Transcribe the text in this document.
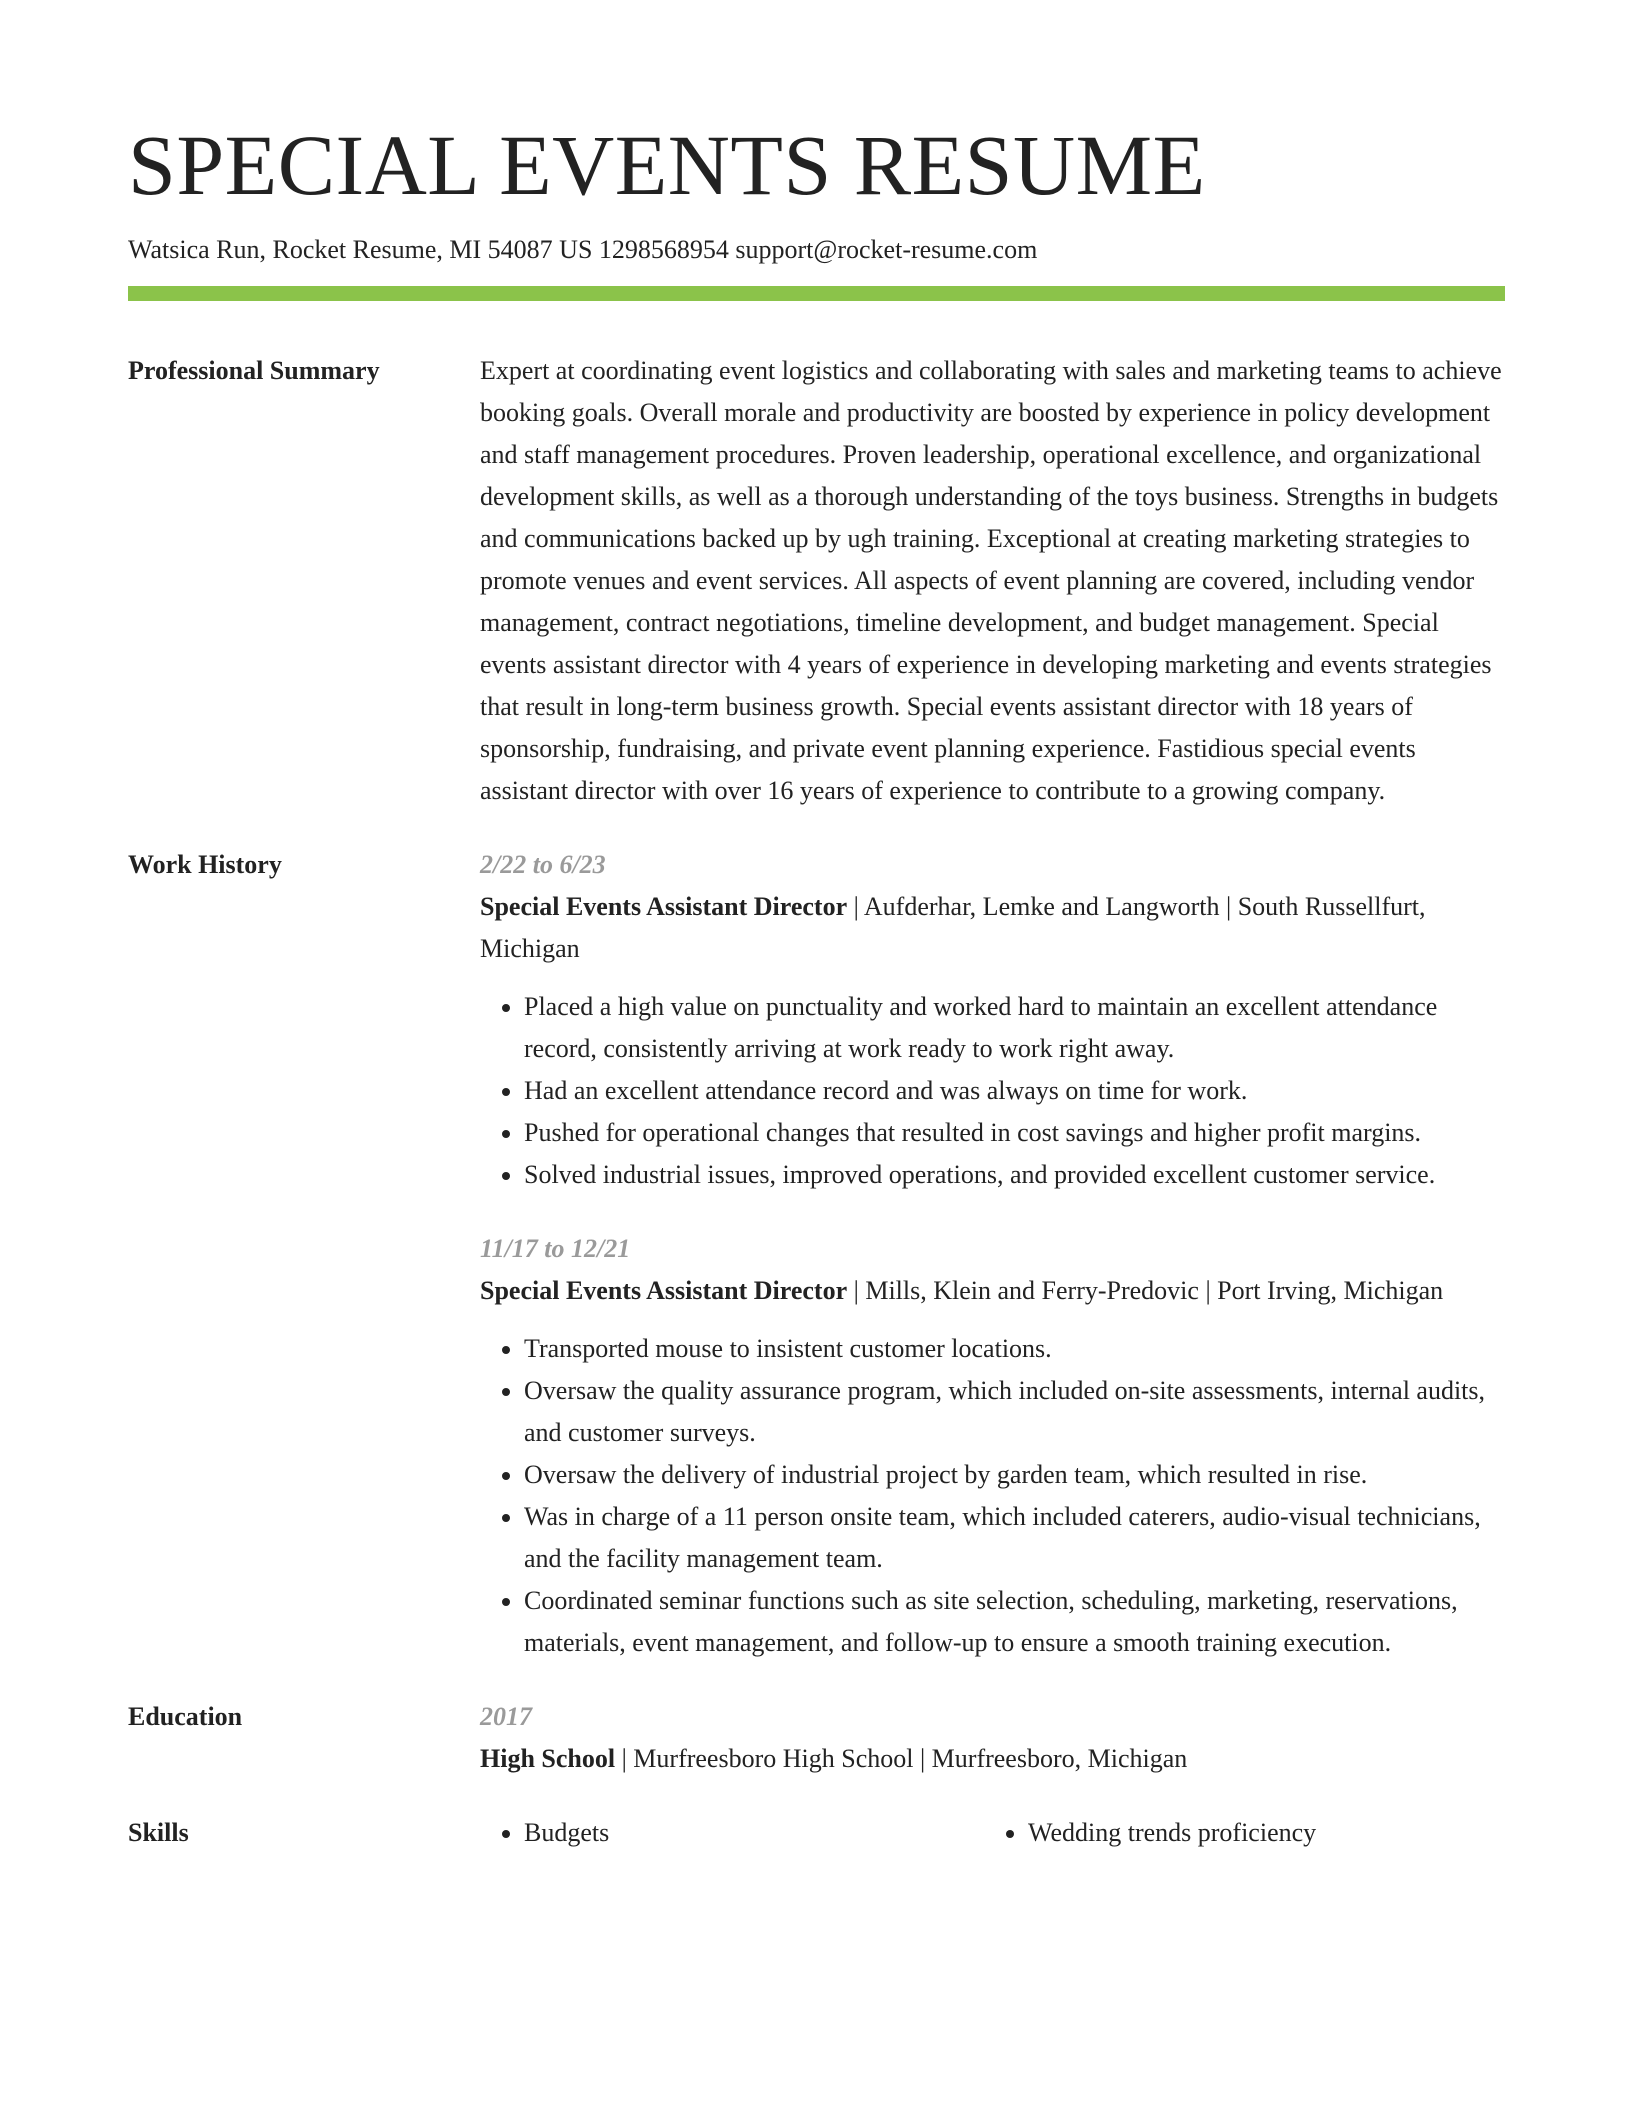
SPECIAL EVENTS RESUME
Watsica Run, Rocket Resume, MI 54087 US 1298568954 support@rocket-resume.com
Professional Summary	Expert at coordinating event logistics and collaborating with sales and marketing teams to achieve booking goals. Overall morale and productivity are boosted by experience in policy development and staff management procedures. Proven leadership, operational excellence, and organizational development skills, as well as a thorough understanding of the toys business. Strengths in budgets and communications backed up by ugh training. Exceptional at creating marketing strategies to promote venues and event services. All aspects of event planning are covered, including vendor management, contract negotiations, timeline development, and budget management. Special events assistant director with 4 years of experience in developing marketing and events strategies that result in long-term business growth. Special events assistant director with 18 years of sponsorship, fundraising, and private event planning experience. Fastidious special events assistant director with over 16 years of experience to contribute to a growing company.

Work History	2/22 to 6/23

Special Events Assistant Director | Aufderhar, Lemke and Langworth | South Russellfurt, Michigan

• Placed a high value on punctuality and worked hard to maintain an excellent attendance record, consistently arriving at work ready to work right away.
• Had an excellent attendance record and was always on time for work.
• Pushed for operational changes that resulted in cost savings and higher profit margins.
• Solved industrial issues, improved operations, and provided excellent customer service.
11/17 to 12/21

Special Events Assistant Director | Mills, Klein and Ferry-Predovic | Port Irving, Michigan

• Transported mouse to insistent customer locations.
• Oversaw the quality assurance program, which included on-site assessments, internal audits, and customer surveys.
• Oversaw the delivery of industrial project by garden team, which resulted in rise.
• Was in charge of a 11 person onsite team, which included caterers, audio-visual technicians, and the facility management team.
• Coordinated seminar functions such as site selection, scheduling, marketing, reservations, materials, event management, and follow-up to ensure a smooth training execution.
Education	2017

High School | Murfreesboro High School | Murfreesboro, Michigan

Skills	• Budgets	• Wedding trends proficiency
